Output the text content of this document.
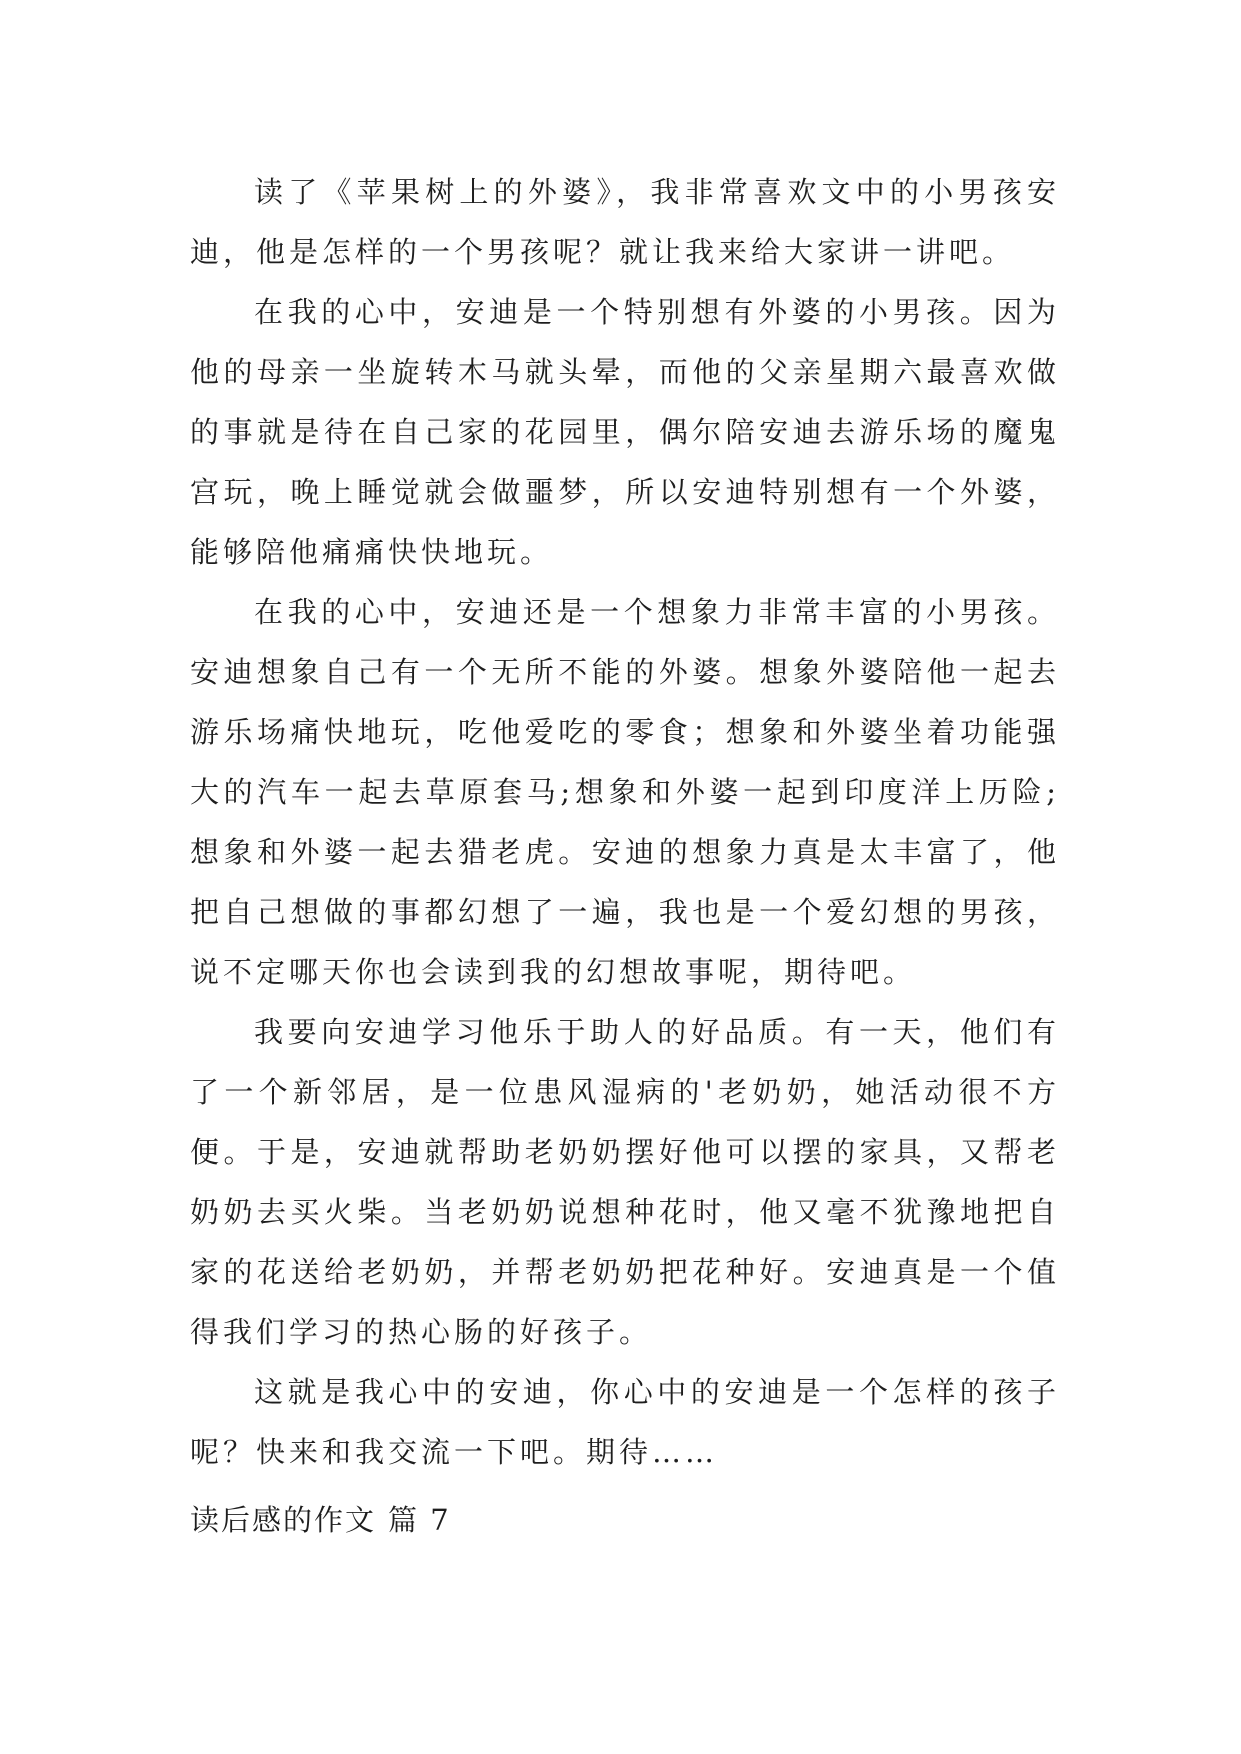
读了《苹果树上的外婆》，我非常喜欢文中的小男孩安迪，他是怎样的一个男孩呢？就让我来给大家讲一讲吧。

在我的心中，安迪是一个特别想有外婆的小男孩。因为他的母亲一坐旋转木马就头晕，而他的父亲星期六最喜欢做的事就是待在自己家的花园里，偶尔陪安迪去游乐场的魔鬼宫玩，晚上睡觉就会做噩梦，所以安迪特别想有一个外婆，能够陪他痛痛快快地玩。

在我的心中，安迪还是一个想象力非常丰富的小男孩。安迪想象自己有一个无所不能的外婆。想象外婆陪他一起去游乐场痛快地玩，吃他爱吃的零食；想象和外婆坐着功能强大的汽车一起去草原套马;想象和外婆一起到印度洋上历险;想象和外婆一起去猎老虎。安迪的想象力真是太丰富了，他把自己想做的事都幻想了一遍，我也是一个爱幻想的男孩，说不定哪天你也会读到我的幻想故事呢，期待吧。

我要向安迪学习他乐于助人的好品质。有一天，他们有了一个新邻居，是一位患风湿病的'老奶奶，她活动很不方便。于是，安迪就帮助老奶奶摆好他可以摆的家具，又帮老奶奶去买火柴。当老奶奶说想种花时，他又毫不犹豫地把自家的花送给老奶奶，并帮老奶奶把花种好。安迪真是一个值得我们学习的热心肠的好孩子。

这就是我心中的安迪，你心中的安迪是一个怎样的孩子呢？快来和我交流一下吧。期待……

读后感的作文 篇 7
